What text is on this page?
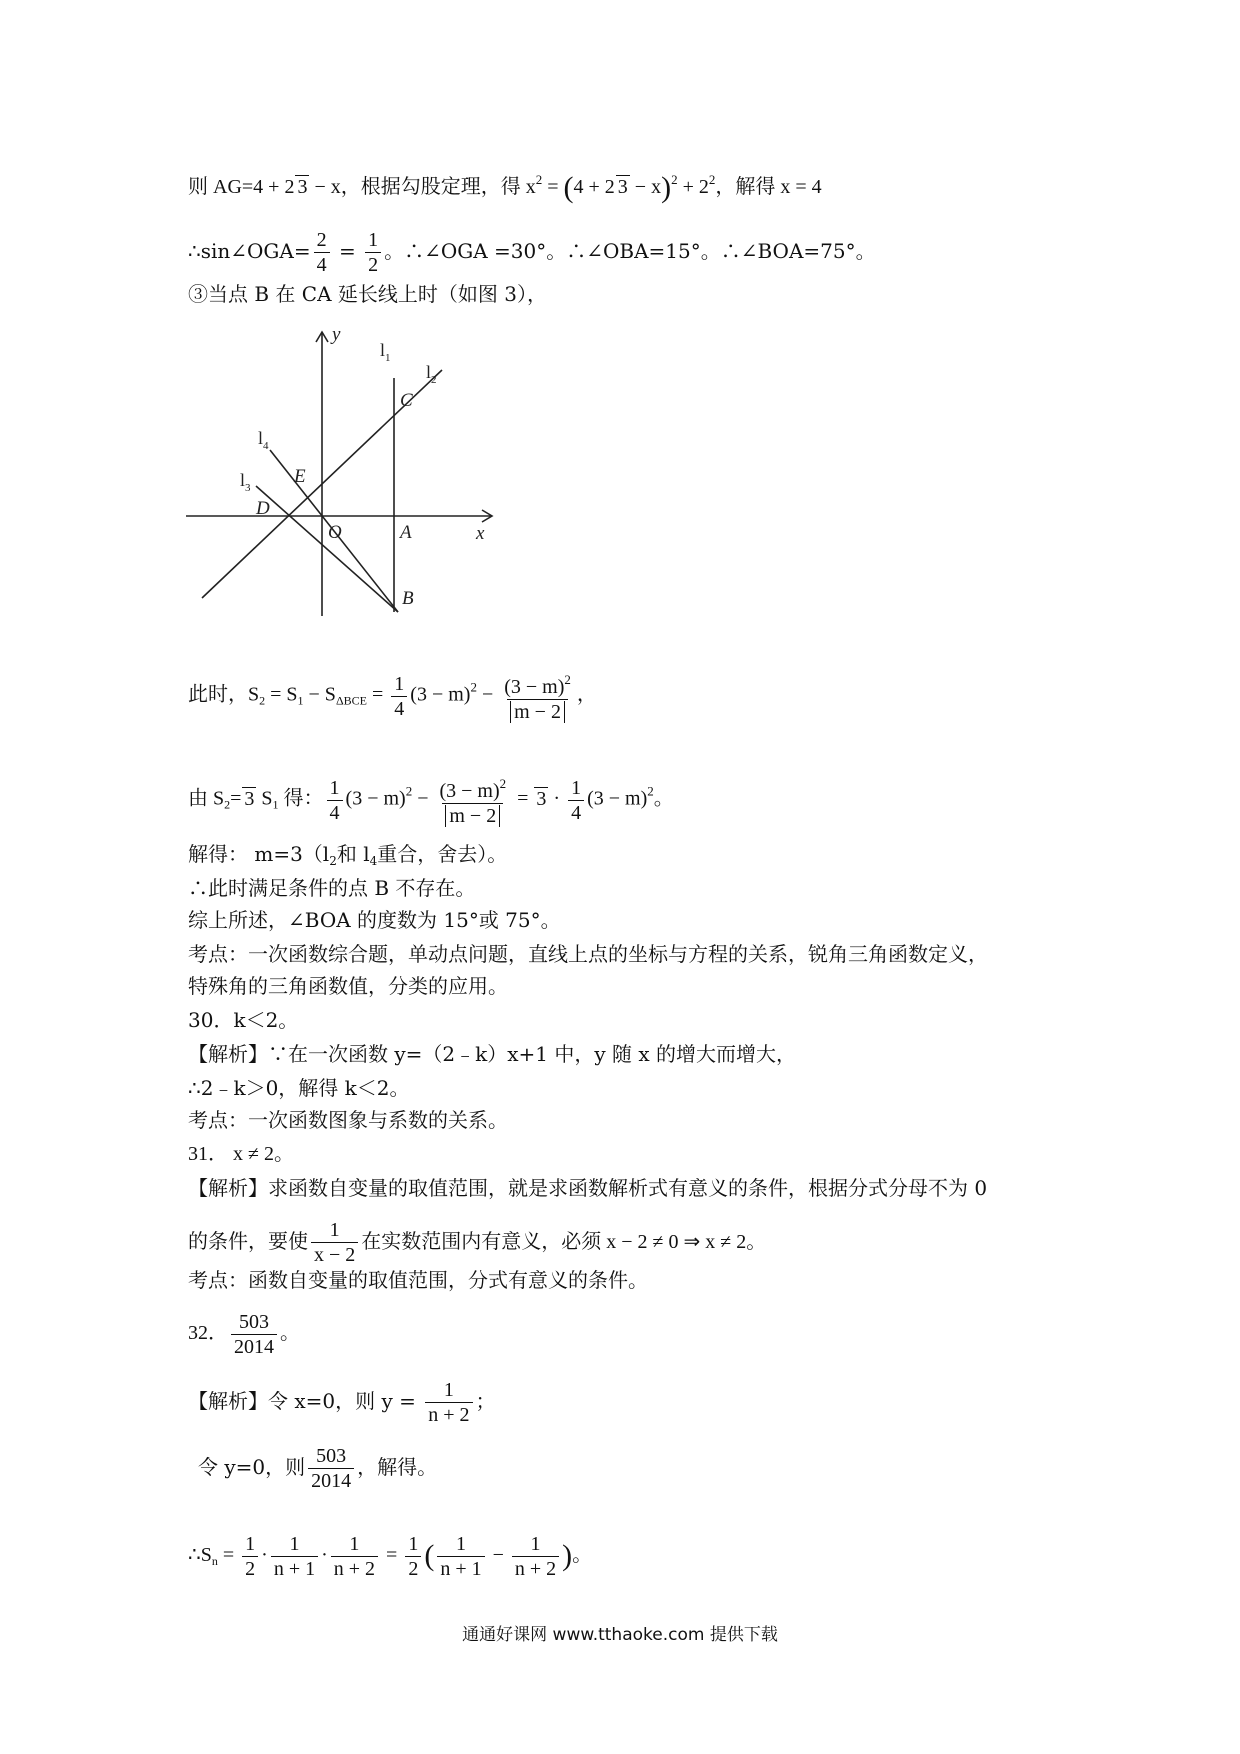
则 AG=4 + 2 3 − x，根据勾股定理，得 $x^2 = (4 + 2$ $3 - x)^2 + 2^2$，解得 x = 4
∴sin∠OGA= $\frac{2}{4} = \frac{1}{2}$ 。∴∠OGA =30°。∴∠OBA=15°。∴∠BOA=75°。
③当点 B 在 CA 延长线上时（如图 3），
y
x
C
E
D
O	A
B
$l_1$
$l_2$
$l_4$
$l_3$
此时，$S_2 = S_1 - S_{\Delta BCE} = \frac{1}{4} (3 - m)^2 - \frac{(3 - m)^2}{m - 2}$ ，
由 $S_2= 3$ $S_1$ 得： $\frac{1}{4} (3 - m)^2 - \frac{(3 - m)^2}{m - 2} = 3 \cdot \frac{1}{4} (3 - m)^2$。
解得： $m=3(l_2$和 $l_4$重合，舍去）。
∴此时满足条件的点 B 不存在。
综上所述，∠BOA 的度数为 15°或 75°。
考点：一次函数综合题，单动点问题，直线上点的坐标与方程的关系，锐角三角函数定义，
特殊角的三角函数值，分类的应用。
30．k＜2。
【解析】∵在一次函数 y=（2﹣k）x+1 中，y 随 x 的增大而增大，
∴2﹣k＞0，解得 k＜2。
考点：一次函数图象与系数的关系。
31． x ≠ 2。
【解析】求函数自变量的取值范围，就是求函数解析式有意义的条件，根据分式分母不为 0
的条件，要使 $\frac{1}{x - 2}$ 在实数范围内有意义，必须 x − 2 ≠ 0 ⇒ x ≠ 2。
考点：函数自变量的取值范围，分式有意义的条件。
32． $\frac{503}{2014}$ 。
【解析】令 x=0，则 $y = \frac{1}{n + 2}$ ；
令 y=0，则 $\frac{503}{2014}$ ，解得。
$\therefore S_n = \frac{1}{2} \cdot \frac{1}{n + 1} \cdot \frac{1}{n + 2} = \frac{1}{2}$ ( $\frac{1}{n + 1} - \frac{1}{n + 2}$ )。
通通好课网 www.tthaoke.com 提供下载
